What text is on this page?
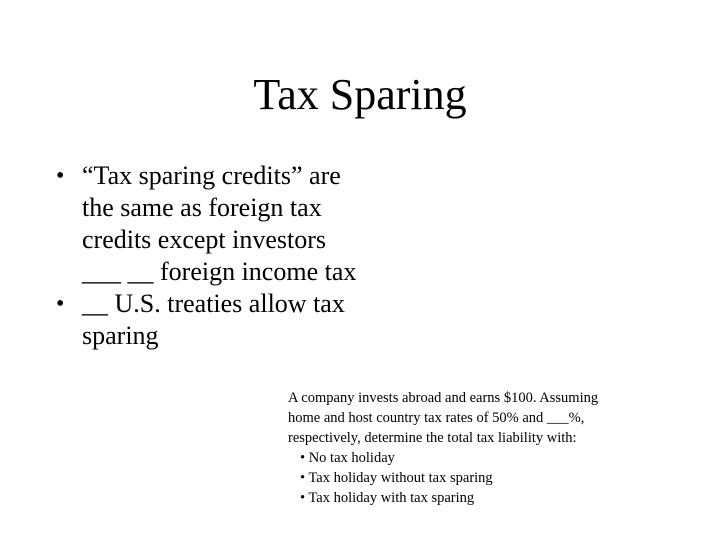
Tax Sparing
• “Tax sparing credits” are
the same as foreign tax
credits except investors
___ __ foreign income tax
• __ U.S. treaties allow tax
sparing
A company invests abroad and earns $100. Assuming
home and host country tax rates of 50% and ___%,
respectively, determine the total tax liability with:
• No tax holiday
• Tax holiday without tax sparing
• Tax holiday with tax sparing
